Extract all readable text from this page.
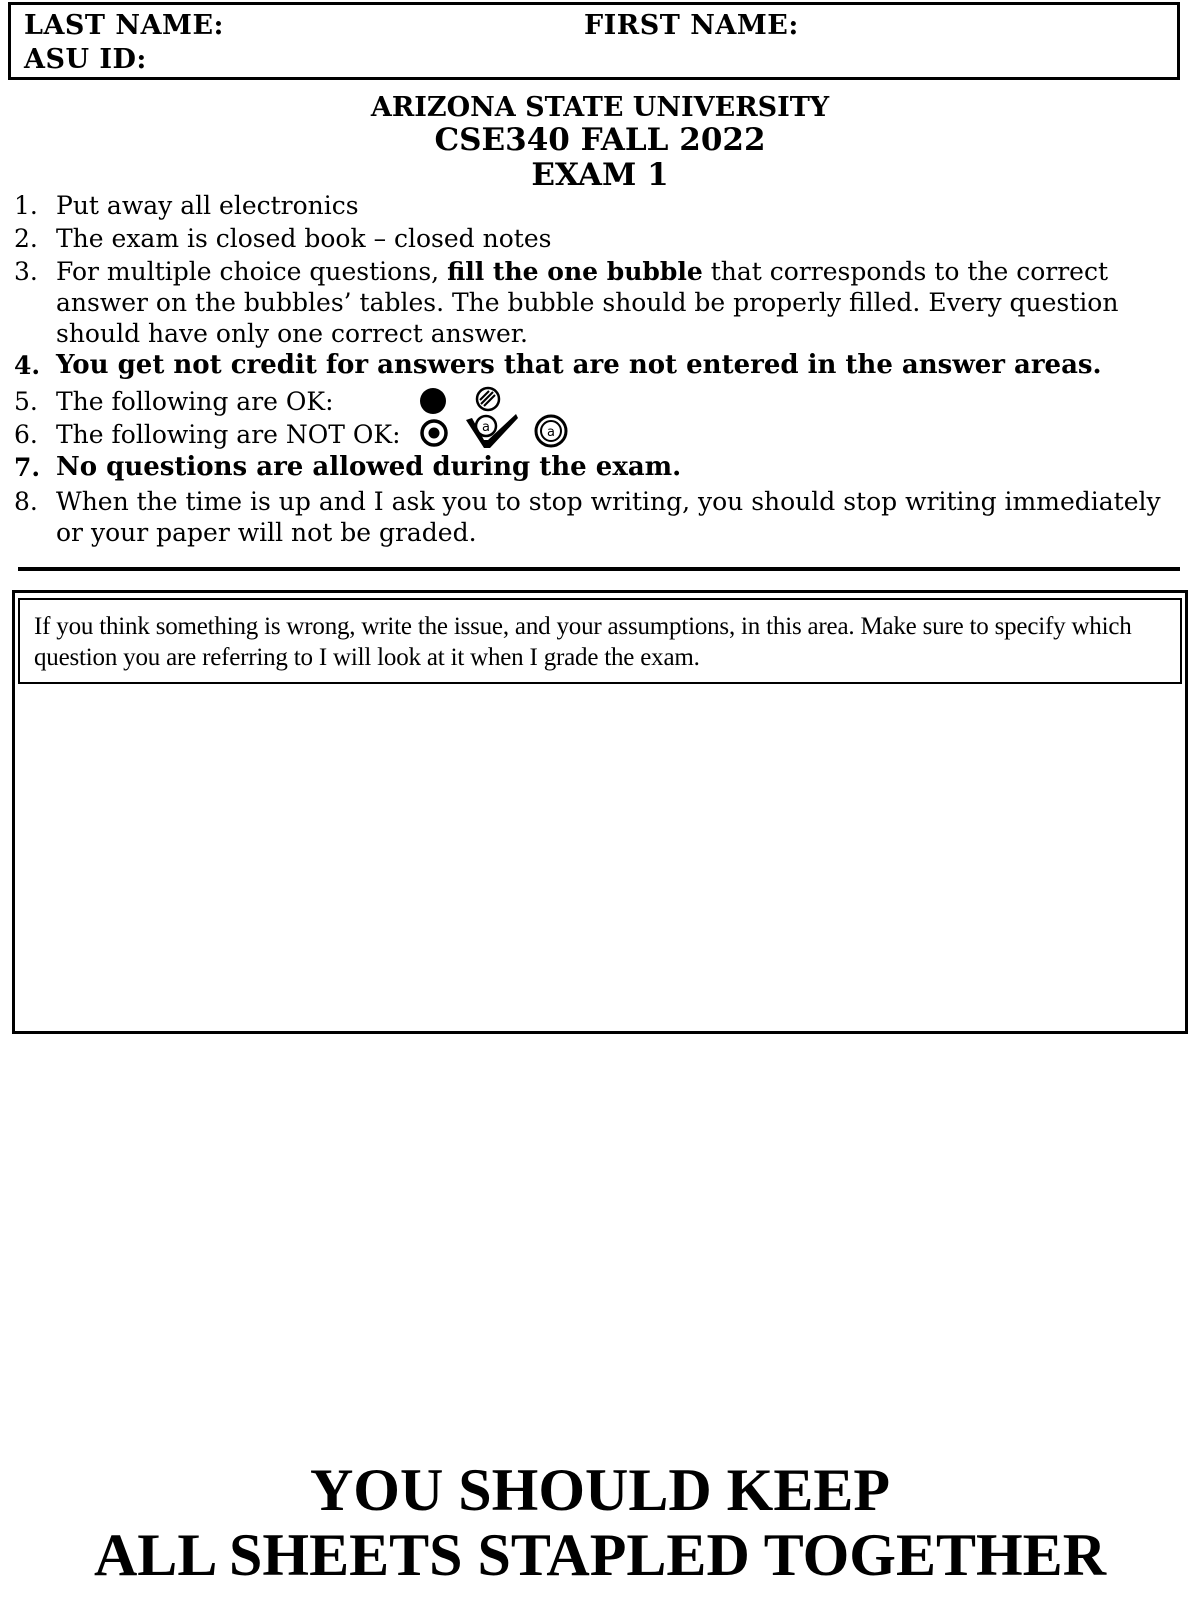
LAST NAME:	FIRST NAME:
ASU ID:
ARIZONA STATE UNIVERSITY
CSE340 FALL 2022
EXAM 1
1. Put away all electronics
2. The exam is closed book – closed notes
3. For multiple choice questions, fill the one bubble that corresponds to the correct answer on the bubbles’ tables. The bubble should be properly filled. Every question should have only one correct answer.
4. You get not credit for answers that are not entered in the answer areas.
5. The following are OK:
6. The following are NOT OK:
7. No questions are allowed during the exam.
8. When the time is up and I ask you to stop writing, you should stop writing immediately or your paper will not be graded.
a	a
If you think something is wrong, write the issue, and your assumptions, in this area. Make sure to specify which question you are referring to I will look at it when I grade the exam.
YOU SHOULD KEEP
ALL SHEETS STAPLED TOGETHER
